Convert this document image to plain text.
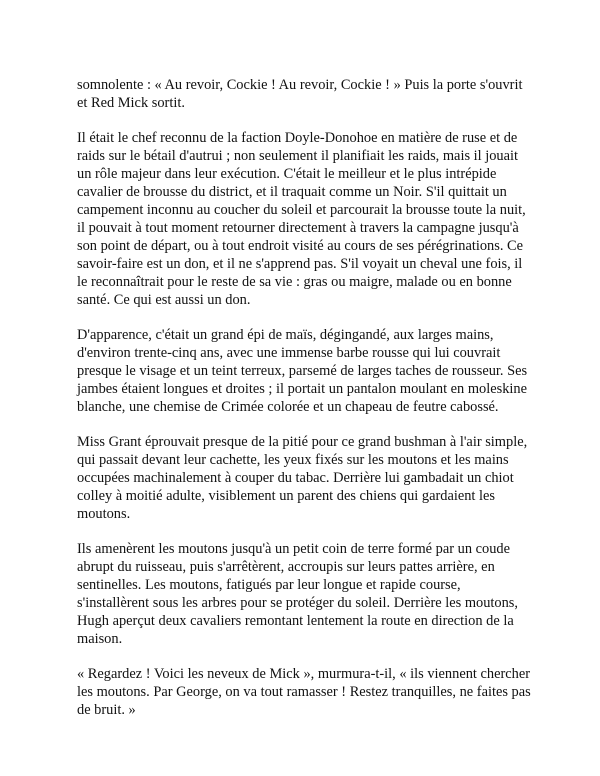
somnolente : « Au revoir, Cockie ! Au revoir, Cockie ! » Puis la porte s'ouvrit et Red Mick sortit.

Il était le chef reconnu de la faction Doyle-Donohoe en matière de ruse et de raids sur le bétail d'autrui ; non seulement il planifiait les raids, mais il jouait un rôle majeur dans leur exécution. C'était le meilleur et le plus intrépide cavalier de brousse du district, et il traquait comme un Noir. S'il quittait un campement inconnu au coucher du soleil et parcourait la brousse toute la nuit, il pouvait à tout moment retourner directement à travers la campagne jusqu'à son point de départ, ou à tout endroit visité au cours de ses pérégrinations. Ce savoir-faire est un don, et il ne s'apprend pas. S'il voyait un cheval une fois, il le reconnaîtrait pour le reste de sa vie : gras ou maigre, malade ou en bonne santé. Ce qui est aussi un don.

D'apparence, c'était un grand épi de maïs, dégingandé, aux larges mains, d'environ trente-cinq ans, avec une immense barbe rousse qui lui couvrait presque le visage et un teint terreux, parsemé de larges taches de rousseur. Ses jambes étaient longues et droites ; il portait un pantalon moulant en moleskine blanche, une chemise de Crimée colorée et un chapeau de feutre cabossé.

Miss Grant éprouvait presque de la pitié pour ce grand bushman à l'air simple, qui passait devant leur cachette, les yeux fixés sur les moutons et les mains occupées machinalement à couper du tabac. Derrière lui gambadait un chiot colley à moitié adulte, visiblement un parent des chiens qui gardaient les moutons.

Ils amenèrent les moutons jusqu'à un petit coin de terre formé par un coude abrupt du ruisseau, puis s'arrêtèrent, accroupis sur leurs pattes arrière, en sentinelles. Les moutons, fatigués par leur longue et rapide course, s'installèrent sous les arbres pour se protéger du soleil. Derrière les moutons, Hugh aperçut deux cavaliers remontant lentement la route en direction de la maison.

« Regardez ! Voici les neveux de Mick », murmura-t-il, « ils viennent chercher les moutons. Par George, on va tout ramasser ! Restez tranquilles, ne faites pas de bruit. »
